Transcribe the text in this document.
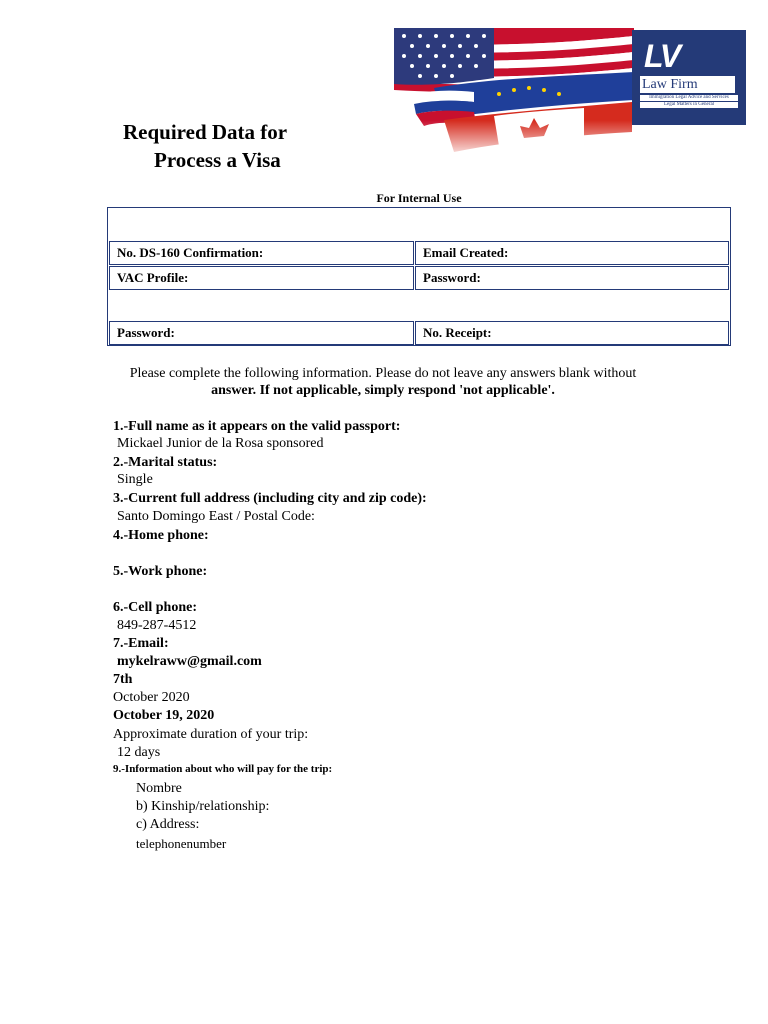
Required Data for
Process a Visa
LV
Law Firm
Immigration Legal Advice and Services
Legal Matters in General
For Internal Use
No. DS-160 Confirmation:	Email Created:
VAC Profile:	Password:
Password:	No. Receipt:
Please complete the following information. Please do not leave any answers blank without
answer. If not applicable, simply respond 'not applicable'.
1.-Full name as it appears on the valid passport:
Mickael Junior de la Rosa sponsored
2.-Marital status:
Single
3.-Current full address (including city and zip code):
Santo Domingo East / Postal Code:
4.-Home phone:
5.-Work phone:
6.-Cell phone:
849-287-4512
7.-Email:
mykelraww@gmail.com
7th
October 2020
October 19, 2020
Approximate duration of your trip:
12 days
9.-Information about who will pay for the trip:
Nombre
b) Kinship/relationship:
c) Address:
telephonenumber
